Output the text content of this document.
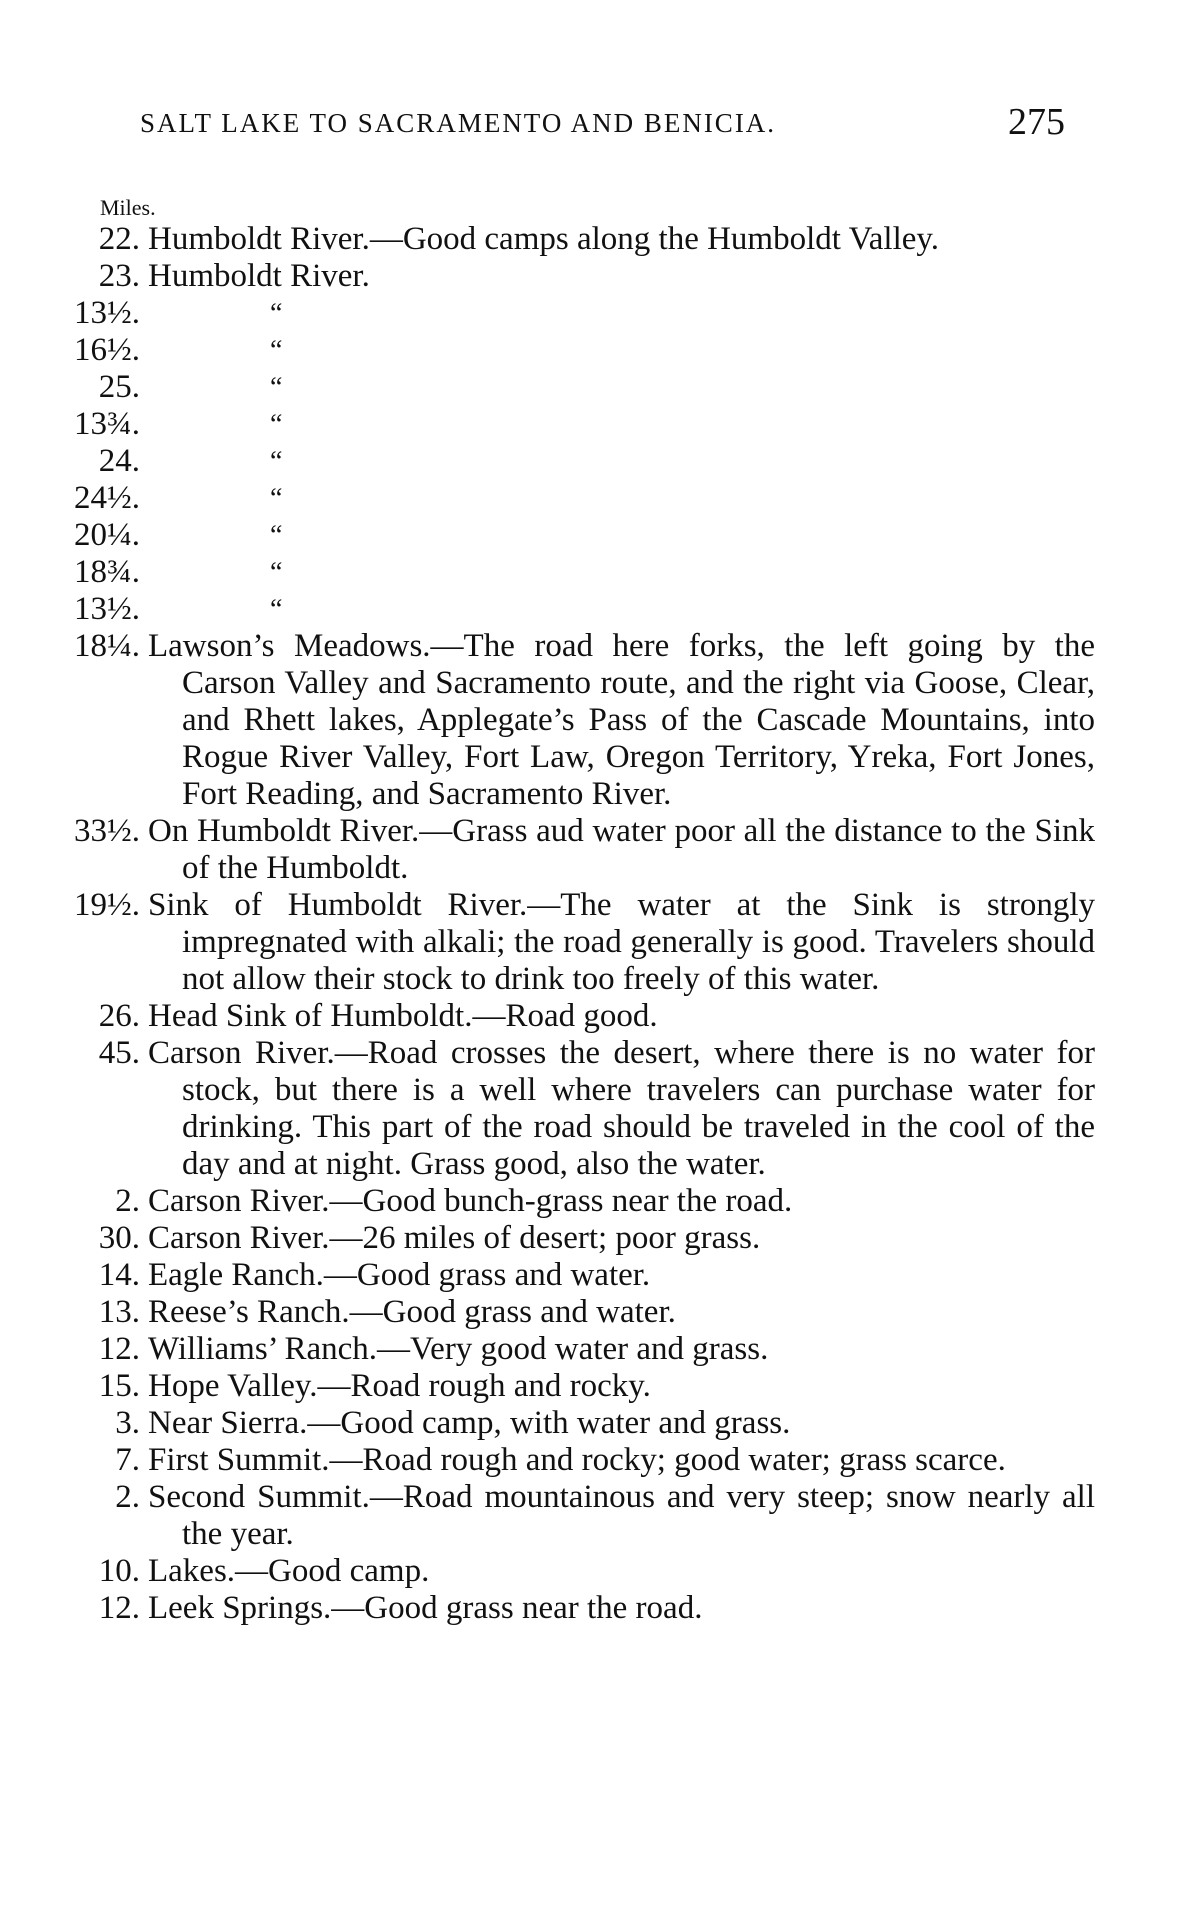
SALT LAKE TO SACRAMENTO AND BENICIA.	275
Miles.
22. Humboldt River.—Good camps along the Humboldt Valley.
23. Humboldt River.
13½.	“
16½.	“
25.	“
13¾.	“
24.	“
24½.	“
20¼.	“
18¾.	“
13½.	“
18¼. Lawson’s Meadows.—The road here forks, the left going by the Carson Valley and Sacramento route, and the right via Goose, Clear, and Rhett lakes, Applegate’s Pass of the Cascade Mountains, into Rogue River Valley, Fort Law, Oregon Territory, Yreka, Fort Jones, Fort Reading, and Sacramento River.
33½. On Humboldt River.—Grass aud water poor all the distance to the Sink of the Humboldt.
19½. Sink of Humboldt River.—The water at the Sink is strongly impregnated with alkali; the road generally is good. Travelers should not allow their stock to drink too freely of this water.
26. Head Sink of Humboldt.—Road good.
45. Carson River.—Road crosses the desert, where there is no water for stock, but there is a well where travelers can purchase water for drinking. This part of the road should be traveled in the cool of the day and at night. Grass good, also the water.
2. Carson River.—Good bunch-grass near the road.
30. Carson River.—26 miles of desert; poor grass.
14. Eagle Ranch.—Good grass and water.
13. Reese’s Ranch.—Good grass and water.
12. Williams’ Ranch.—Very good water and grass.
15. Hope Valley.—Road rough and rocky.
3. Near Sierra.—Good camp, with water and grass.
7. First Summit.—Road rough and rocky; good water; grass scarce.
2. Second Summit.—Road mountainous and very steep; snow nearly all the year.
10. Lakes.—Good camp.
12. Leek Springs.—Good grass near the road.
